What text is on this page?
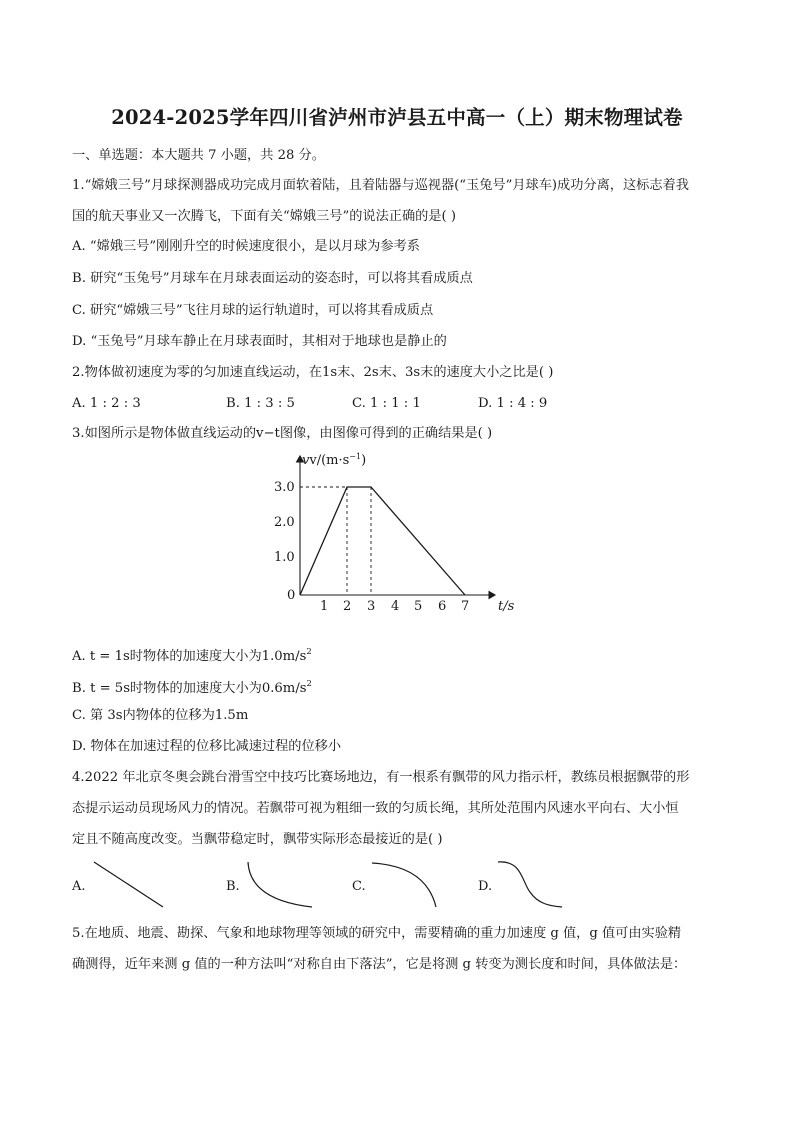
2024-2025学年四川省泸州市泸县五中高一（上）期末物理试卷
一、单选题：本大题共 7 小题，共 28 分。
1.“嫦娥三号”月球探测器成功完成月面软着陆，且着陆器与巡视器(“玉兔号”月球车)成功分离，这标志着我
国的航天事业又一次腾飞，下面有关“嫦娥三号”的说法正确的是( )
A. “嫦娥三号”刚刚升空的时候速度很小，是以月球为参考系
B. 研究“玉兔号”月球车在月球表面运动的姿态时，可以将其看成质点
C. 研究“嫦娥三号”飞往月球的运行轨道时，可以将其看成质点
D. “玉兔号”月球车静止在月球表面时，其相对于地球也是静止的
2.物体做初速度为零的匀加速直线运动，在1s末、2s末、3s末的速度大小之比是( )
A. 1 : 2 : 3	B. 1 : 3 : 5	C. 1 : 1 : 1	D. 1 : 4 : 9
3.如图所示是物体做直线运动的v−t图像，由图像可得到的正确结果是( )
$vv/(m\cdot s^{-1})$
t/s
0
1.0
2.0
3.0
1 2 3 4 5 6 7
A. t = 1s时物体的加速度大小为$1.0m/s^2$
B. t = 5s时物体的加速度大小为$0.6m/s^2$
C. 第 3s内物体的位移为1.5m
D. 物体在加速过程的位移比减速过程的位移小
4.2022 年北京冬奥会跳台滑雪空中技巧比赛场地边，有一根系有飘带的风力指示杆，教练员根据飘带的形
态提示运动员现场风力的情况。若飘带可视为粗细一致的匀质长绳，其所处范围内风速水平向右、大小恒
定且不随高度改变。当飘带稳定时，飘带实际形态最接近的是( )
A.	B.	C.	D.
5.在地质、地震、勘探、气象和地球物理等领域的研究中，需要精确的重力加速度 g 值，g 值可由实验精
确测得，近年来测 g 值的一种方法叫“对称自由下落法”，它是将测 g 转变为测长度和时间，具体做法是：
